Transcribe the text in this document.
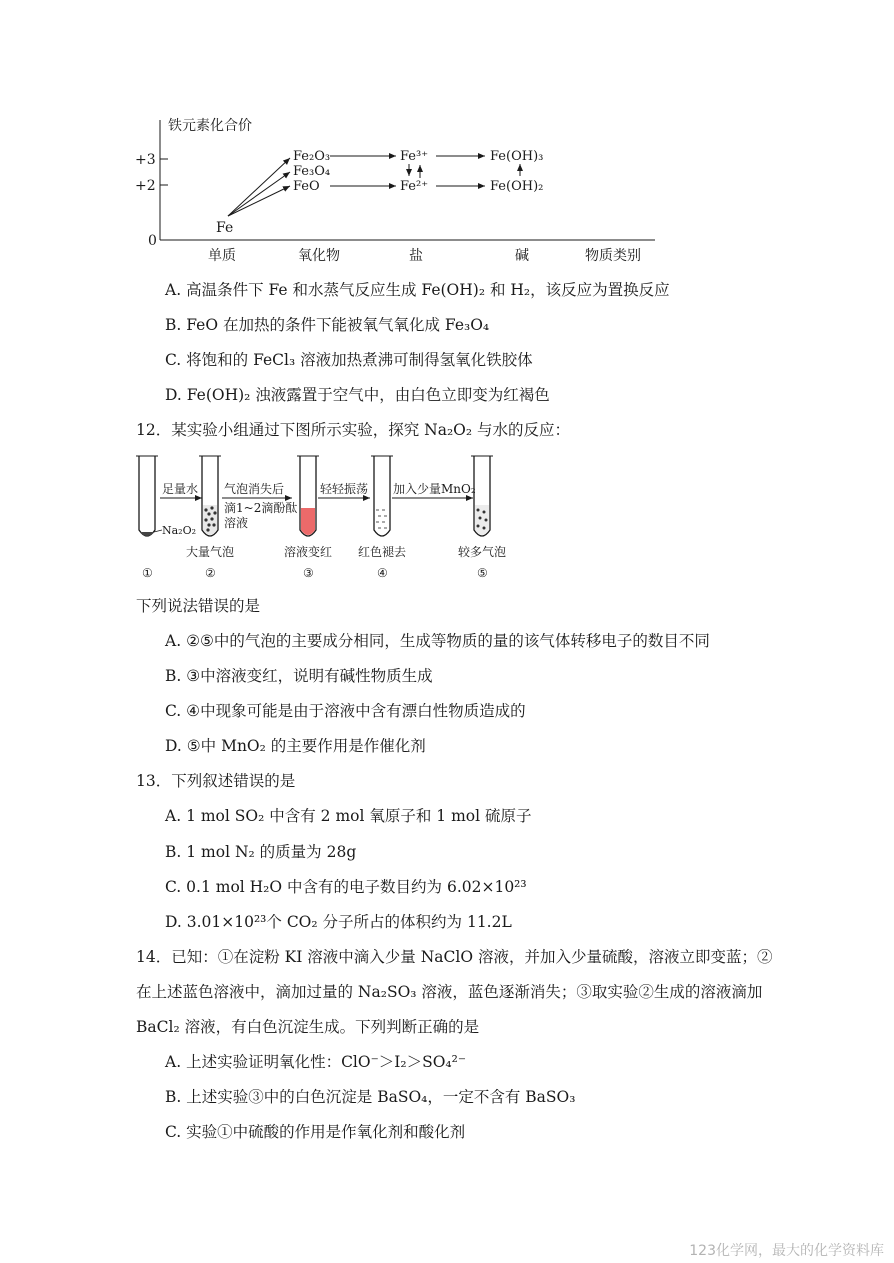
铁元素化合价
+3
+2
0
单质	氧化物	盐	碱	物质类别
Fe
Fe₂O₃
Fe₃O₄
FeO
Fe³⁺
Fe²⁺
Fe(OH)₃
Fe(OH)₂
A. 高温条件下 Fe 和水蒸气反应生成 Fe(OH)₂ 和 H₂，该反应为置换反应
B. FeO 在加热的条件下能被氧气氧化成 Fe₃O₄
C. 将饱和的 FeCl₃ 溶液加热煮沸可制得氢氧化铁胶体
D. Fe(OH)₂ 浊液露置于空气中，由白色立即变为红褐色
12．某实验小组通过下图所示实验，探究 Na₂O₂ 与水的反应：
Na₂O₂
足量水 气泡消失后
滴1~2滴酚酞
溶液
轻轻振荡 加入少量MnO₂
大量气泡	溶液变红 红色褪去	较多气泡
①	②	③	④	⑤
下列说法错误的是
A. ②⑤中的气泡的主要成分相同，生成等物质的量的该气体转移电子的数目不同
B. ③中溶液变红，说明有碱性物质生成
C. ④中现象可能是由于溶液中含有漂白性物质造成的
D. ⑤中 MnO₂ 的主要作用是作催化剂
13．下列叙述错误的是
A. 1 mol SO₂ 中含有 2 mol 氧原子和 1 mol 硫原子
B. 1 mol N₂ 的质量为 28g
C. 0.1 mol H₂O 中含有的电子数目约为 6.02×10²³
D. 3.01×10²³个 CO₂ 分子所占的体积约为 11.2L
14．已知：①在淀粉 KI 溶液中滴入少量 NaClO 溶液，并加入少量硫酸，溶液立即变蓝；②
在上述蓝色溶液中，滴加过量的 Na₂SO₃ 溶液，蓝色逐渐消失；③取实验②生成的溶液滴加
BaCl₂ 溶液，有白色沉淀生成。下列判断正确的是
A. 上述实验证明氧化性：ClO⁻＞I₂＞SO₄²⁻
B. 上述实验③中的白色沉淀是 BaSO₄，一定不含有 BaSO₃
C. 实验①中硫酸的作用是作氧化剂和酸化剂
123化学网，最大的化学资料库
